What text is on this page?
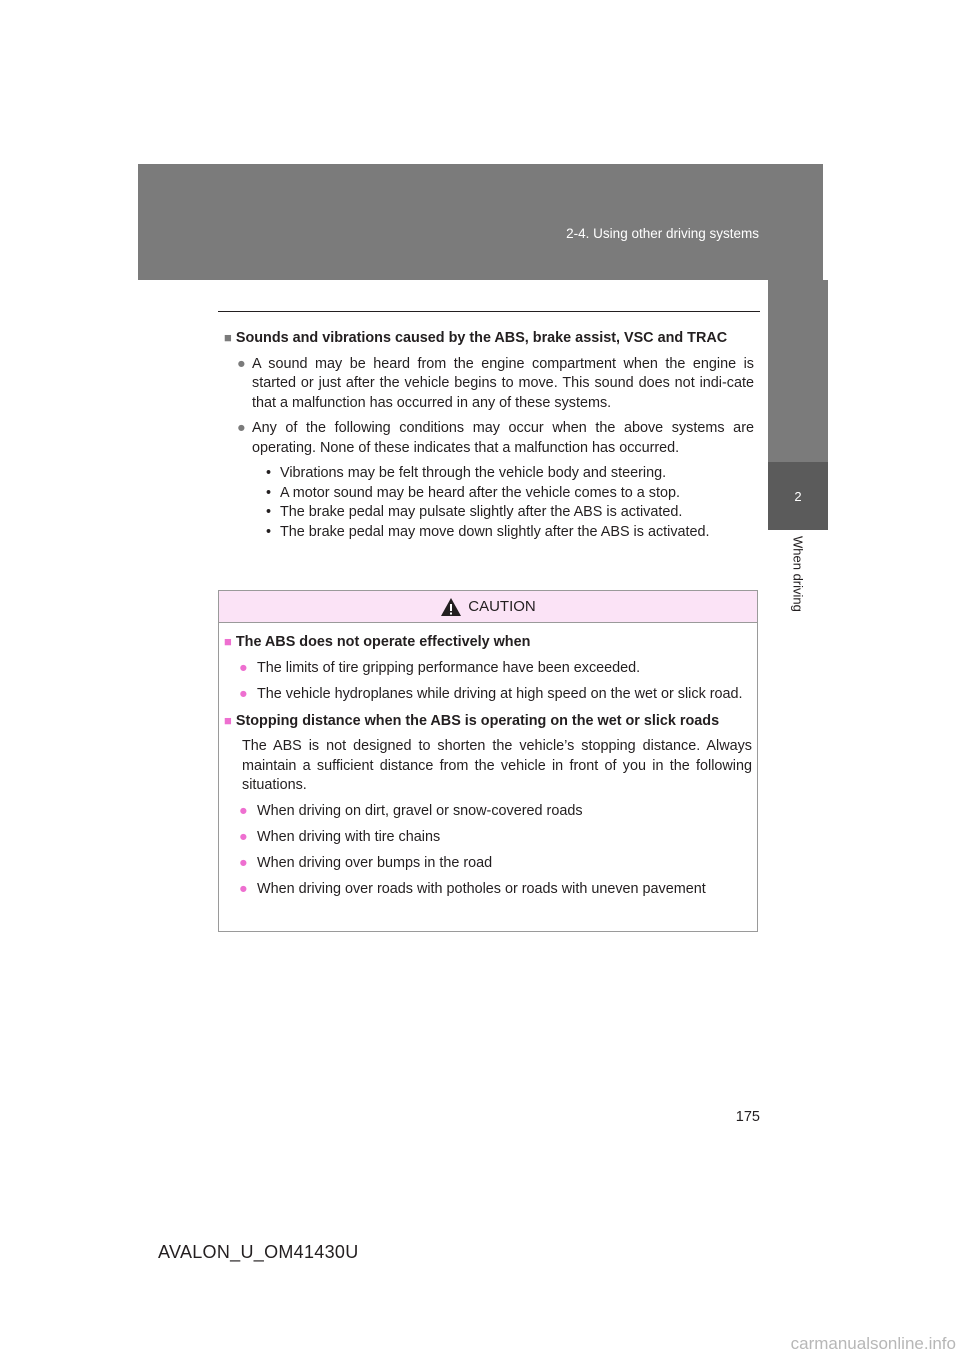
2-4. Using other driving systems
2
When driving
■ Sounds and vibrations caused by the ABS, brake assist, VSC and TRAC
● A sound may be heard from the engine compartment when the engine is started or just after the vehicle begins to move. This sound does not indi-cate that a malfunction has occurred in any of these systems.
● Any of the following conditions may occur when the above systems are operating. None of these indicates that a malfunction has occurred.
• Vibrations may be felt through the vehicle body and steering.
• A motor sound may be heard after the vehicle comes to a stop.
• The brake pedal may pulsate slightly after the ABS is activated.
• The brake pedal may move down slightly after the ABS is activated.
CAUTION
■ The ABS does not operate effectively when
● The limits of tire gripping performance have been exceeded.
● The vehicle hydroplanes while driving at high speed on the wet or slick road.
■ Stopping distance when the ABS is operating on the wet or slick roads
The ABS is not designed to shorten the vehicle’s stopping distance. Always maintain a sufficient distance from the vehicle in front of you in the following situations.
● When driving on dirt, gravel or snow-covered roads
● When driving with tire chains
● When driving over bumps in the road
● When driving over roads with potholes or roads with uneven pavement
175
AVALON_U_OM41430U
carmanualsonline.info
